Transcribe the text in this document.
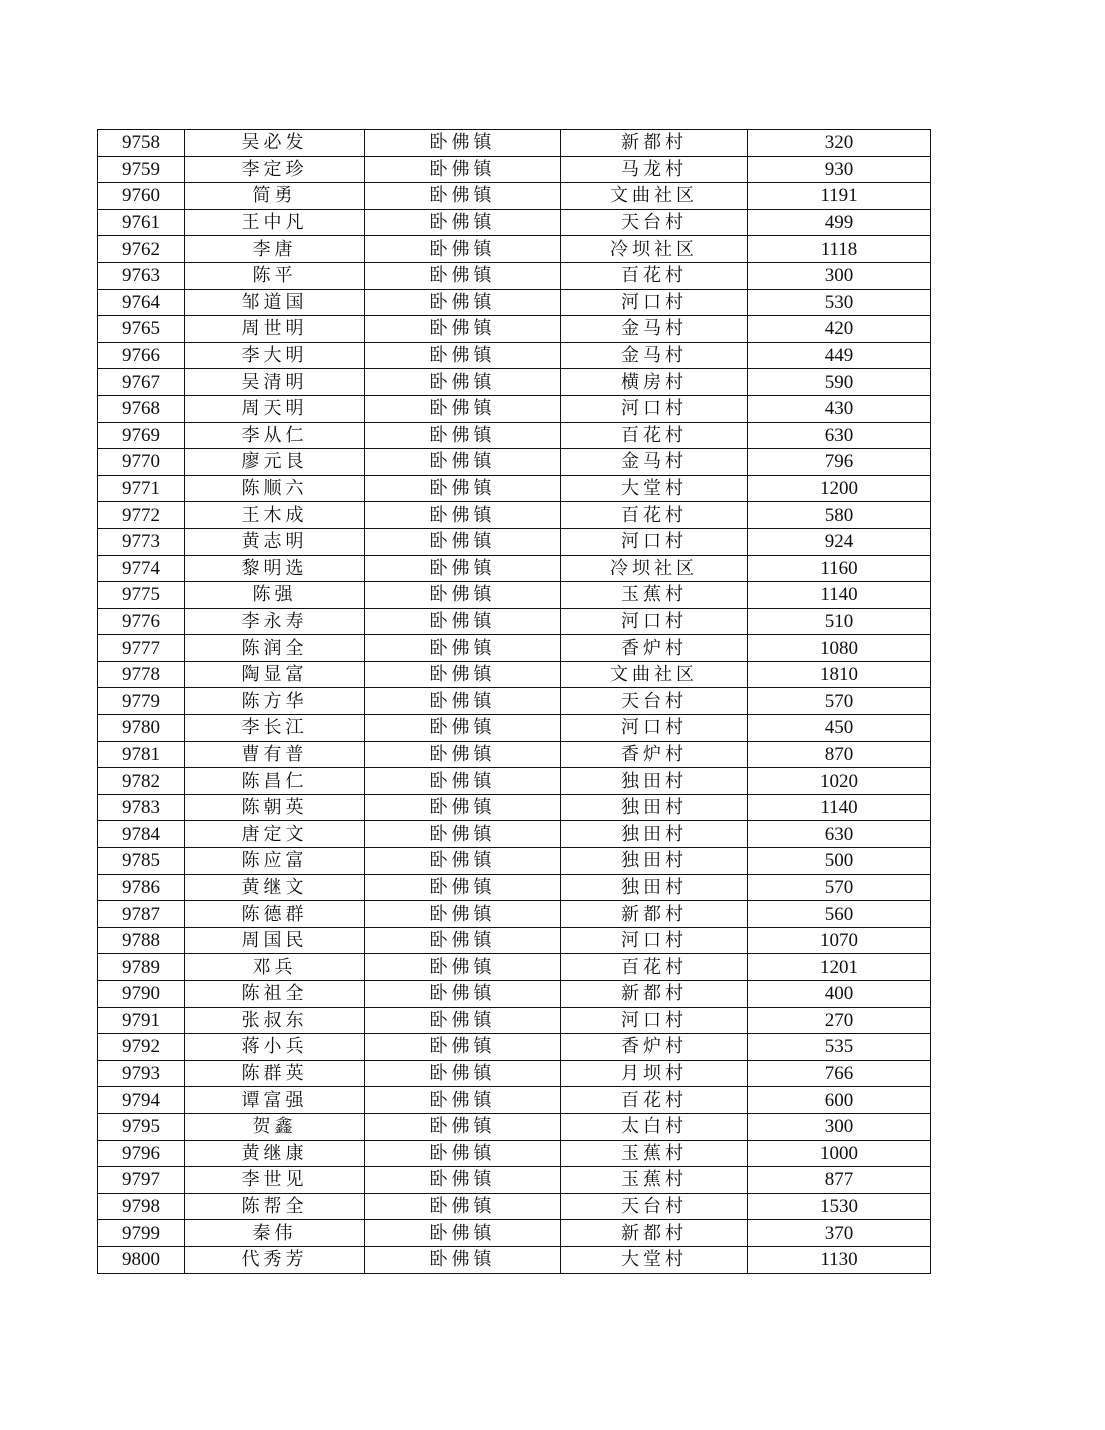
9758	吴必发	卧佛镇	新都村	320
9759	李定珍	卧佛镇	马龙村	930
9760	简勇	卧佛镇	文曲社区	1191
9761	王中凡	卧佛镇	天台村	499
9762	李唐	卧佛镇	冷坝社区	1118
9763	陈平	卧佛镇	百花村	300
9764	邹道国	卧佛镇	河口村	530
9765	周世明	卧佛镇	金马村	420
9766	李大明	卧佛镇	金马村	449
9767	吴清明	卧佛镇	横房村	590
9768	周天明	卧佛镇	河口村	430
9769	李从仁	卧佛镇	百花村	630
9770	廖元艮	卧佛镇	金马村	796
9771	陈顺六	卧佛镇	大堂村	1200
9772	王木成	卧佛镇	百花村	580
9773	黄志明	卧佛镇	河口村	924
9774	黎明选	卧佛镇	冷坝社区	1160
9775	陈强	卧佛镇	玉蕉村	1140
9776	李永寿	卧佛镇	河口村	510
9777	陈润全	卧佛镇	香炉村	1080
9778	陶显富	卧佛镇	文曲社区	1810
9779	陈方华	卧佛镇	天台村	570
9780	李长江	卧佛镇	河口村	450
9781	曹有普	卧佛镇	香炉村	870
9782	陈昌仁	卧佛镇	独田村	1020
9783	陈朝英	卧佛镇	独田村	1140
9784	唐定文	卧佛镇	独田村	630
9785	陈应富	卧佛镇	独田村	500
9786	黄继文	卧佛镇	独田村	570
9787	陈德群	卧佛镇	新都村	560
9788	周国民	卧佛镇	河口村	1070
9789	邓兵	卧佛镇	百花村	1201
9790	陈祖全	卧佛镇	新都村	400
9791	张叔东	卧佛镇	河口村	270
9792	蒋小兵	卧佛镇	香炉村	535
9793	陈群英	卧佛镇	月坝村	766
9794	谭富强	卧佛镇	百花村	600
9795	贺鑫	卧佛镇	太白村	300
9796	黄继康	卧佛镇	玉蕉村	1000
9797	李世见	卧佛镇	玉蕉村	877
9798	陈帮全	卧佛镇	天台村	1530
9799	秦伟	卧佛镇	新都村	370
9800	代秀芳	卧佛镇	大堂村	1130
